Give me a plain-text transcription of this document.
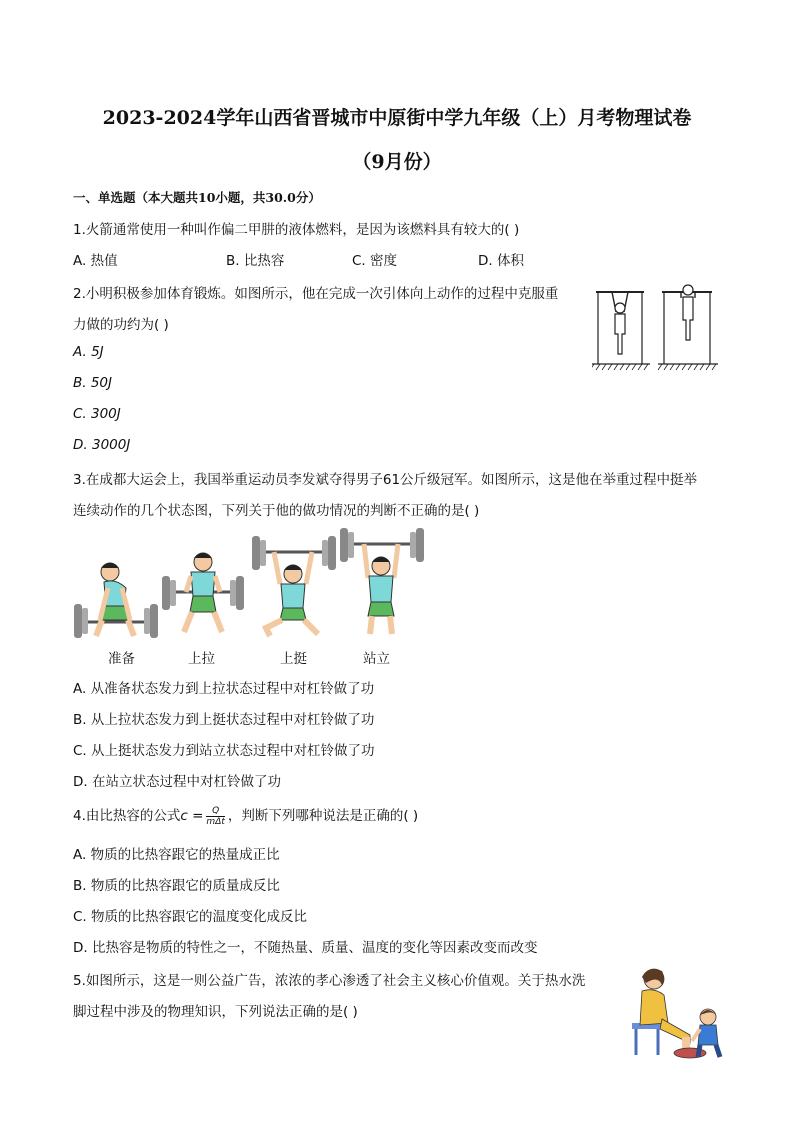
2023-2024学年山西省晋城市中原街中学九年级（上）月考物理试卷
（9月份）
一、单选题（本大题共10小题，共30.0分）
1.火箭通常使用一种叫作偏二甲肼的液体燃料，是因为该燃料具有较大的( )
A. 热值	B. 比热容	C. 密度	D. 体积
2.小明积极参加体育锻炼。如图所示，他在完成一次引体向上动作的过程中克服重
力做的功约为( )
A. 5J
B. 50J
C. 300J
D. 3000J
3.在成都大运会上，我国举重运动员李发斌夺得男子61公斤级冠军。如图所示，这是他在举重过程中挺举
连续动作的几个状态图，下列关于他的做功情况的判断不正确的是( )
准备	上拉	上挺	站立
A. 从准备状态发力到上拉状态过程中对杠铃做了功
B. 从上拉状态发力到上挺状态过程中对杠铃做了功
C. 从上挺状态发力到站立状态过程中对杠铃做了功
D. 在站立状态过程中对杠铃做了功
4.由比热容的公式$c = \frac{Q}{\text{mΔt}}$ ，判断下列哪种说法是正确的( )
A. 物质的比热容跟它的热量成正比
B. 物质的比热容跟它的质量成反比
C. 物质的比热容跟它的温度变化成反比
D. 比热容是物质的特性之一，不随热量、质量、温度的变化等因素改变而改变
5.如图所示，这是一则公益广告，浓浓的孝心渗透了社会主义核心价值观。关于热水洗
脚过程中涉及的物理知识，下列说法正确的是( )
